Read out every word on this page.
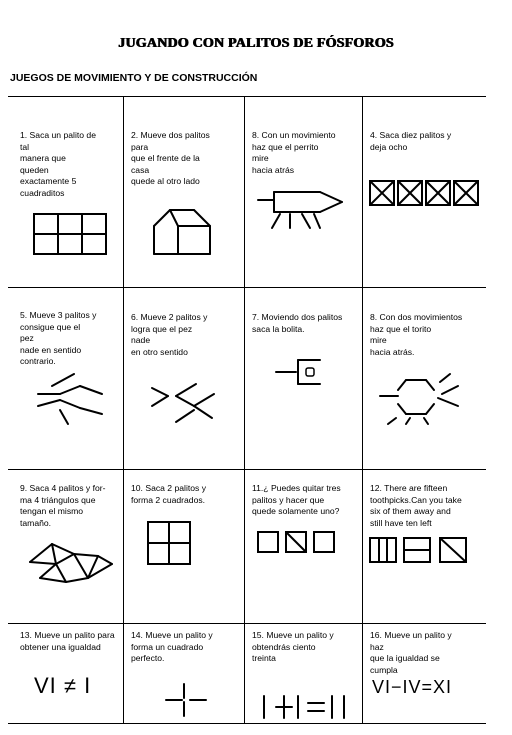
JUGANDO CON PALITOS DE FÓSFOROS
JUEGOS DE MOVIMIENTO Y DE CONSTRUCCIÓN
1. Saca un palito de
tal
manera que
queden
exactamente 5
cuadraditos
2. Mueve dos palitos
para
que el frente de la
casa
quede al otro lado
8. Con un movimiento
haz que el perrito
mire
hacia atrás
4. Saca diez palitos y
deja ocho
5. Mueve 3 palitos y
consigue que el
pez
nade en sentido
contrario.
6. Mueve 2 palitos y
logra que el pez
nade
en otro sentido
7. Moviendo dos palitos
saca la bolita.
8. Con dos movimientos
haz que el torito
mire
hacia atrás.
9. Saca 4 palitos y for-
ma 4 triángulos que
tengan el mismo
tamaño.
10. Saca 2 palitos y
forma 2 cuadrados.
11.¿ Puedes quitar tres
palitos y hacer que
quede solamente uno?
12. There are fifteen
toothpicks.Can you take
six of them away and
still have ten left
13. Mueve un palito para
obtener una igualdad
14. Mueve un palito y
forma un cuadrado
perfecto.
15. Mueve un palito y
obtendrás ciento
treinta
16. Mueve un palito y
haz
que la igualdad se
cumpla
VI ≠ I	VI−IV=XI
